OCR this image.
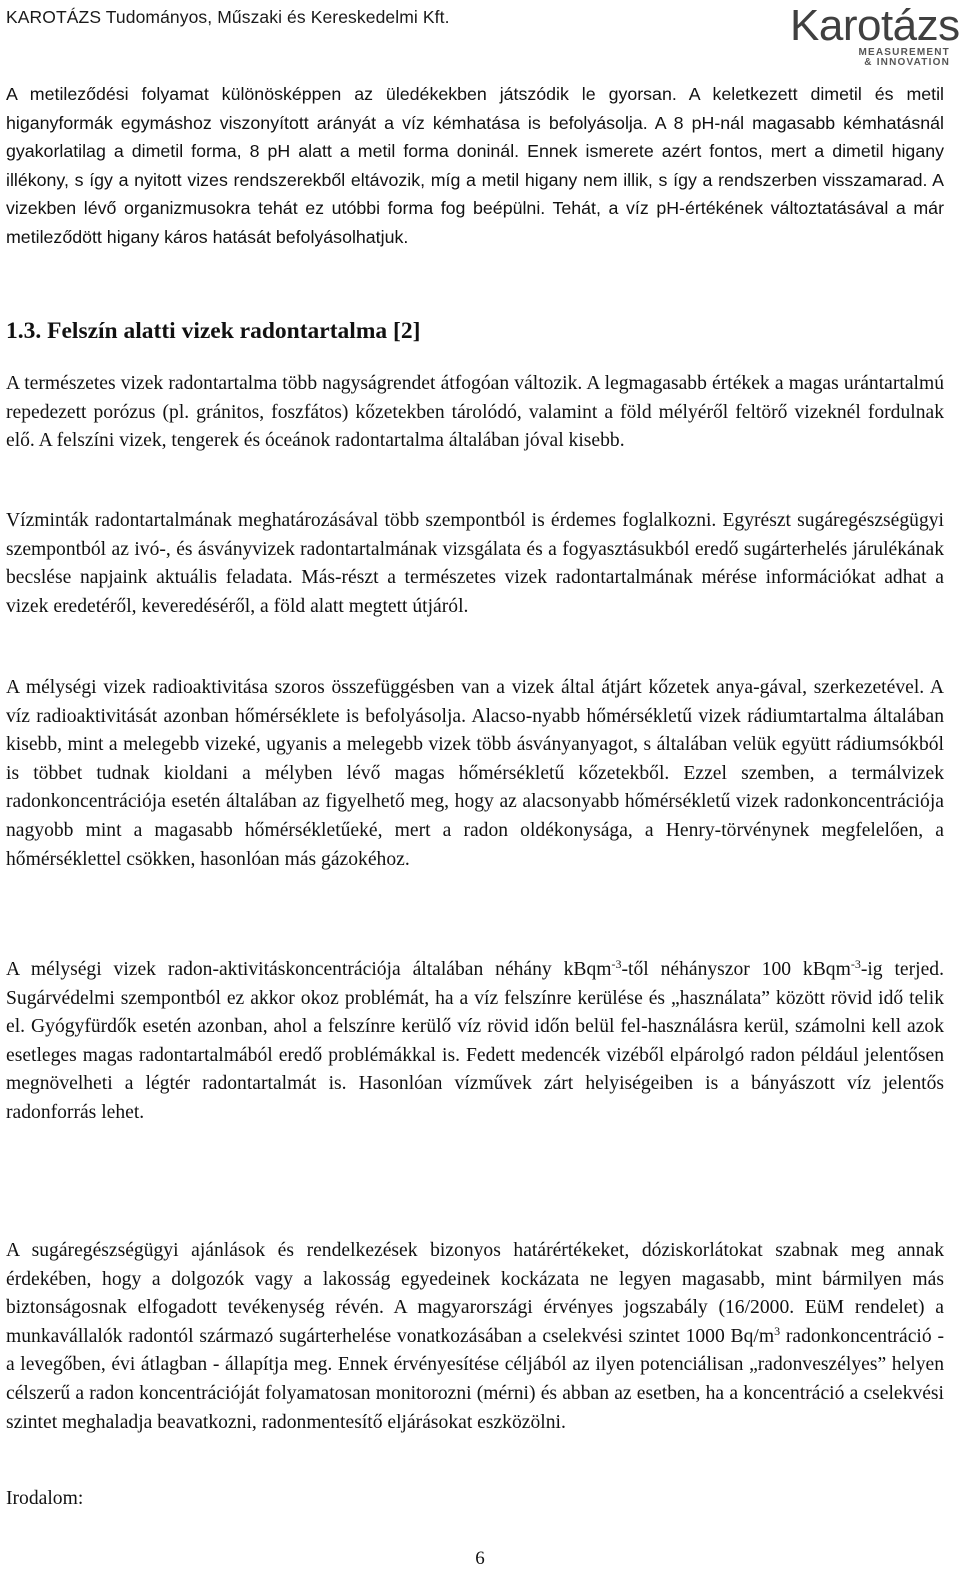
KAROTÁZS Tudományos, Műszaki és Kereskedelmi Kft.	Karotázs
MEASUREMENT
& INNOVATION

A metileződési folyamat különösképpen az üledékekben játszódik le gyorsan. A keletkezett dimetil és metil higanyformák egymáshoz viszonyított arányát a víz kémhatása is befolyásolja. A 8 pH-nál magasabb kémhatásnál gyakorlatilag a dimetil forma, 8 pH alatt a metil forma doninál. Ennek ismerete azért fontos, mert a dimetil higany illékony, s így a nyitott vizes rendszerekből eltávozik, míg a metil higany nem illik, s így a rendszerben visszamarad. A vizekben lévő organizmusokra tehát ez utóbbi forma fog beépülni. Tehát, a víz pH-értékének változtatásával a már metileződött higany káros hatását befolyásolhatjuk.

1.3. Felszín alatti vizek radontartalma [2]

A természetes vizek radontartalma több nagyságrendet átfogóan változik. A legmagasabb értékek a magas urántartalmú repedezett porózus (pl. gránitos, foszfátos) kőzetekben tárolódó, valamint a föld mélyéről feltörő vizeknél fordulnak elő. A felszíni vizek, tengerek és óceánok radontartalma általában jóval kisebb.

Vízminták radontartalmának meghatározásával több szempontból is érdemes foglalkozni. Egyrészt sugáregészségügyi szempontból az ivó-, és ásványvizek radontartalmának vizsgálata és a fogyasztásukból eredő sugárterhelés járulékának becslése napjaink aktuális feladata. Más-részt a természetes vizek radontartalmának mérése információkat adhat a vizek eredetéről, keveredéséről, a föld alatt megtett útjáról.

A mélységi vizek radioaktivitása szoros összefüggésben van a vizek által átjárt kőzetek anya-gával, szerkezetével. A víz radioaktivitását azonban hőmérséklete is befolyásolja. Alacso-nyabb hőmérsékletű vizek rádiumtartalma általában kisebb, mint a melegebb vizeké, ugyanis a melegebb vizek több ásványanyagot, s általában velük együtt rádiumsókból is többet tudnak kioldani a mélyben lévő magas hőmérsékletű kőzetekből. Ezzel szemben, a termálvizek radonkoncentrációja esetén általában az figyelhető meg, hogy az alacsonyabb hőmérsékletű vizek radonkoncentrációja nagyobb mint a magasabb hőmérsékletűeké, mert a radon oldékonysága, a Henry-törvénynek megfelelően, a hőmérséklettel csökken, hasonlóan más gázokéhoz.

A mélységi vizek radon-aktivitáskoncentrációja általában néhány kBqm$^{-3}$-től néhányszor 100 kBqm$^{-3}$-ig terjed. Sugárvédelmi szempontból ez akkor okoz problémát, ha a víz felszínre kerülése és „használata” között rövid idő telik el. Gyógyfürdők esetén azonban, ahol a felszínre kerülő víz rövid időn belül fel-használásra kerül, számolni kell azok esetleges magas radontartalmából eredő problémákkal is. Fedett medencék vizéből elpárolgó radon például jelentősen megnövelheti a légtér radontartalmát is. Hasonlóan vízművek zárt helyiségeiben is a bányászott víz jelentős radonforrás lehet.

A sugáregészségügyi ajánlások és rendelkezések bizonyos határértékeket, dóziskorlátokat szabnak meg annak érdekében, hogy a dolgozók vagy a lakosság egyedeinek kockázata ne legyen magasabb, mint bármilyen más biztonságosnak elfogadott tevékenység révén. A magyarországi érvényes jogszabály (16/2000. EüM rendelet) a munkavállalók radontól származó sugárterhelése vonatkozásában a cselekvési szintet 1000 $Bq/m^3$ radonkoncentráció - a levegőben, évi átlagban - állapítja meg. Ennek érvényesítése céljából az ilyen potenciálisan „radonveszélyes” helyen célszerű a radon koncentrációját folyamatosan monitorozni (mérni) és abban az esetben, ha a koncentráció a cselekvési szintet meghaladja beavatkozni, radonmentesítő eljárásokat eszközölni.

Irodalom:

6
